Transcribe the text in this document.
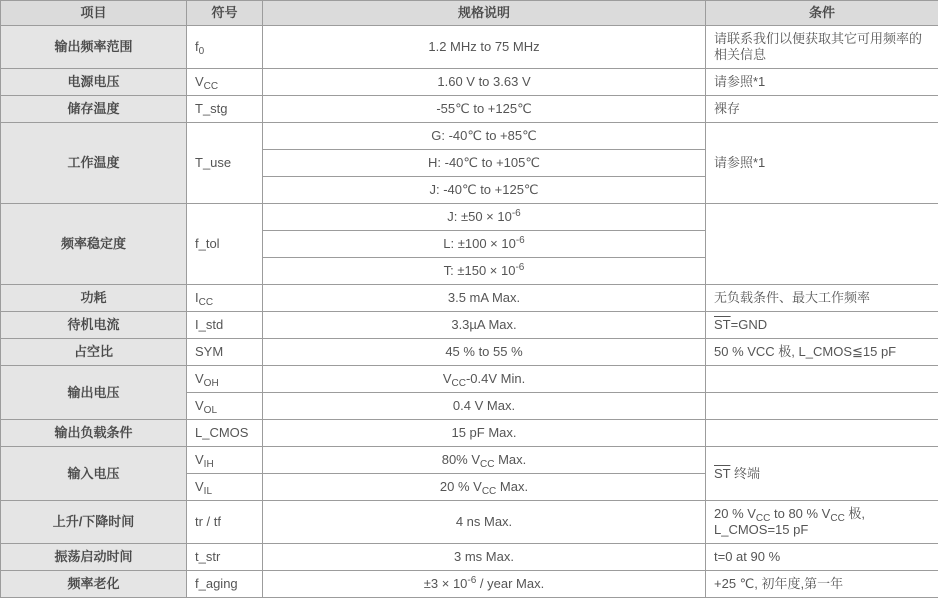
项目	符号	规格说明	条件
输出频率范围	$f_0$	1.2 MHz to 75 MHz	请联系我们以便获取其它可用频率的相关信息
电源电压	$V_{CC}$	1.60 V to 3.63 V	请参照*1
储存温度	T_stg	-55℃ to +125℃	裸存
工作温度	T_use	G: -40℃ to +85℃	请参照*1
		H: -40℃ to +105℃	
		J: -40℃ to +125℃	
频率稳定度	f_tol	J: $\pm 50 \times 10^{-6}$	
		L: $\pm 100 \times 10^{-6}$
		T: $\pm 150 \times 10^{-6}$
功耗	$I_{CC}$	3.5 mA Max.	无负载条件、最大工作频率
待机电流	I_std	3.3µA Max.	$\overline{ST}=GND$
占空比	SYM	45 % to 55 %	50 % VCC 极, L_CMOS≦15 pF
输出电压	$V_{OH}$	$V_{CC}-0.4V$ Min.	
	$V_{OL}$	0.4 V Max.	
输出负载条件	L_CMOS	15 pF Max.	
输入电压	$V_{IH}$	80% $V_{CC}$ Max.	$\overline{ST}$ 终端
	$V_{IL}$	20 % $V_{CC}$ Max.	
上升/下降时间	tr / tf	4 ns Max.	20 % $V_{CC}$ to 80 % $V_{CC}$ 极, L_CMOS=15 pF
振荡启动时间	t_str	3 ms Max.	t=0 at 90 %
频率老化	f_aging	$\pm 3 \times 10^{-6}$ / year Max.	+25 ℃, 初年度,第一年
